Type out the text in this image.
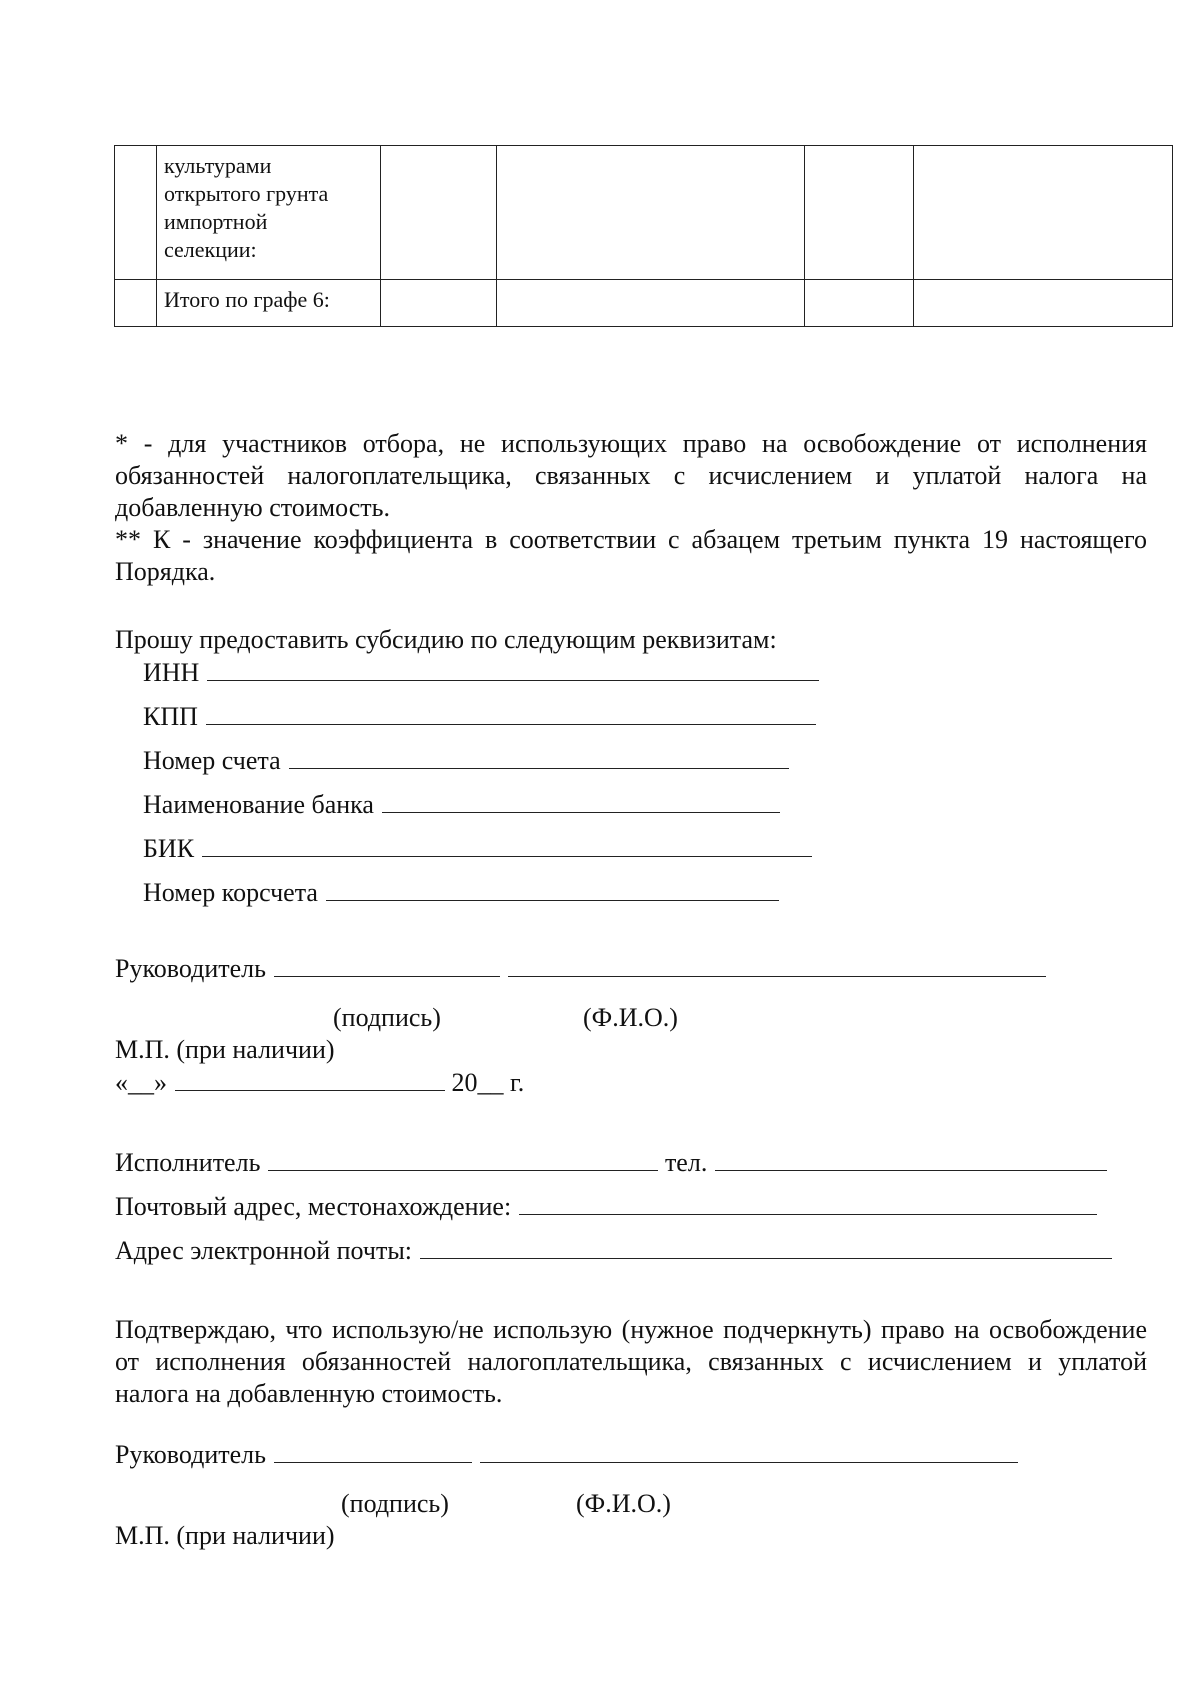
	культурами
открытого грунта
импортной
селекции:				
	Итого по графе 6:				

* - для участников отбора, не использующих право на освобождение от исполнения обязанностей налогоплательщика, связанных с исчислением и уплатой налога на добавленную стоимость.

** К - значение коэффициента в соответствии с абзацем третьим пункта 19 настоящего Порядка.

Прошу предоставить субсидию по следующим реквизитам:
ИНН
КПП
Номер счета
Наименование банка
БИК
Номер корсчета
Руководитель
(подпись)	(Ф.И.О.)
М.П. (при наличии)
«__»	20__ г.
Исполнитель	тел.
Почтовый адрес, местонахождение:
Адрес электронной почты:

Подтверждаю, что использую/не использую (нужное подчеркнуть) право на освобождение от исполнения обязанностей налогоплательщика, связанных с исчислением и уплатой налога на добавленную стоимость.

Руководитель
(подпись)	(Ф.И.О.)
М.П. (при наличии)
